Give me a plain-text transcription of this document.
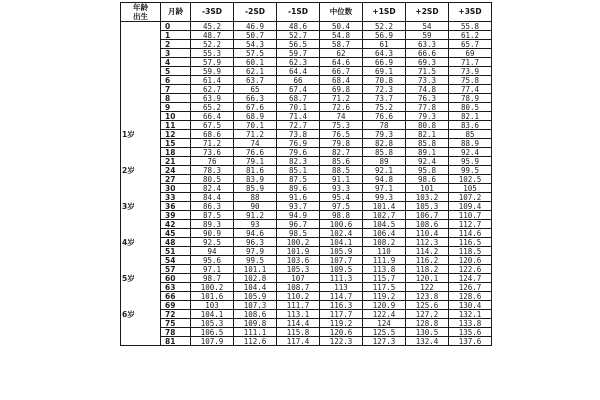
年龄	月龄	-3SD	-2SD	-1SD	中位数	+1SD	+2SD	+3SD
出生								
	0	45.2	46.9	48.6	50.4	52.2	54	55.8
	1	48.7	50.7	52.7	54.8	56.9	59	61.2
	2	52.2	54.3	56.5	58.7	61	63.3	65.7
	3	55.3	57.5	59.7	62	64.3	66.6	69
	4	57.9	60.1	62.3	64.6	66.9	69.3	71.7
	5	59.9	62.1	64.4	66.7	69.1	71.5	73.9
	6	61.4	63.7	66	68.4	70.8	73.3	75.8
	7	62.7	65	67.4	69.8	72.3	74.8	77.4
	8	63.9	66.3	68.7	71.2	73.7	76.3	78.9
	9	65.2	67.6	70.1	72.6	75.2	77.8	80.5
	10	66.4	68.9	71.4	74	76.6	79.3	82.1
	11	67.5	70.1	72.7	75.3	78	80.8	83.6
1岁	12	68.6	71.2	73.8	76.5	79.3	82.1	85
	15	71.2	74	76.9	79.8	82.8	85.8	88.9
	18	73.6	76.6	79.6	82.7	85.8	89.1	92.4
	21	76	79.1	82.3	85.6	89	92.4	95.9
2岁	24	78.3	81.6	85.1	88.5	92.1	95.8	99.5
	27	80.5	83.9	87.5	91.1	94.8	98.6	102.5
	30	82.4	85.9	89.6	93.3	97.1	101	105
	33	84.4	88	91.6	95.4	99.3	103.2	107.2
3岁	36	86.3	90	93.7	97.5	101.4	105.3	109.4
	39	87.5	91.2	94.9	98.8	102.7	106.7	110.7
	42	89.3	93	96.7	100.6	104.5	108.6	112.7
	45	90.9	94.6	98.5	102.4	106.4	110.4	114.6
4岁	48	92.5	96.3	100.2	104.1	108.2	112.3	116.5
	51	94	97.9	101.9	105.9	110	114.2	118.5
	54	95.6	99.5	103.6	107.7	111.9	116.2	120.6
	57	97.1	101.1	105.3	109.5	113.8	118.2	122.6
5岁	60	98.7	102.8	107	111.3	115.7	120.1	124.7
	63	100.2	104.4	108.7	113	117.5	122	126.7
	66	101.6	105.9	110.2	114.7	119.2	123.8	128.6
	69	103	107.3	111.7	116.3	120.9	125.6	130.4
6岁	72	104.1	108.6	113.1	117.7	122.4	127.2	132.1
	75	105.3	109.8	114.4	119.2	124	128.8	133.8
	78	106.5	111.1	115.8	120.6	125.5	130.5	135.6
	81	107.9	112.6	117.4	122.3	127.3	132.4	137.6
